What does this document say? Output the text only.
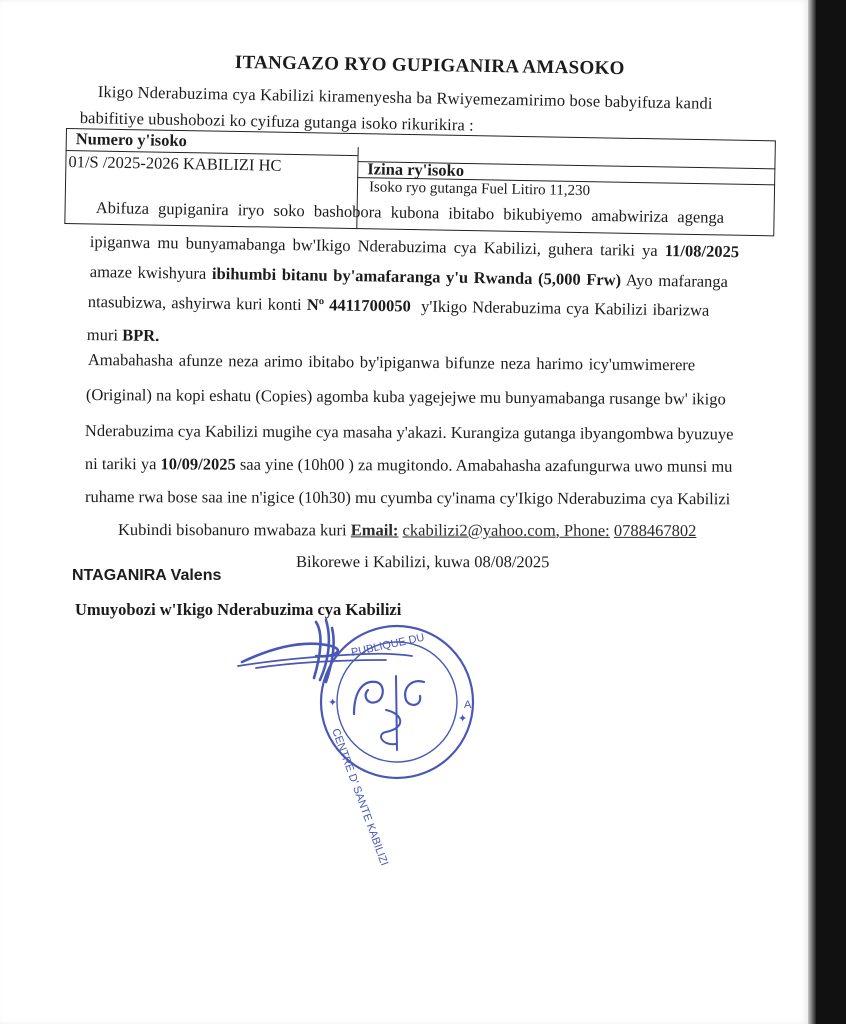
ITANGAZO RYO GUPIGANIRA AMASOKO
Ikigo Nderabuzima cya Kabilizi kiramenyesha ba Rwiyemezamirimo bose babyifuza kandi
babifitiye ubushobozi ko cyifuza gutanga isoko rikurikira :
Numero y'isoko
Izina ry'isoko
01/S /2025-2026 KABILIZI HC
Isoko ryo gutanga Fuel Litiro 11,230
Abifuza gupiganira iryo soko bashobora kubona ibitabo bikubiyemo amabwiriza agenga
ipiganwa mu bunyamabanga bw'Ikigo Nderabuzima cya Kabilizi, guhera tariki ya 11/08/2025
amaze kwishyura ibihumbi bitanu by'amafaranga y'u Rwanda (5,000 Frw) Ayo mafaranga
ntasubizwa, ashyirwa kuri konti Nº 4411700050  y'Ikigo Nderabuzima cya Kabilizi ibarizwa
muri BPR.
Amabahasha afunze neza arimo ibitabo by'ipiganwa bifunze neza harimo icy'umwimerere
(Original) na kopi eshatu (Copies) agomba kuba yagejejwe mu bunyamabanga rusange bw' ikigo
Nderabuzima cya Kabilizi mugihe cya masaha y'akazi. Kurangiza gutanga ibyangombwa byuzuye
ni tariki ya 10/09/2025 saa yine (10h00 ) za mugitondo. Amabahasha azafungurwa uwo munsi mu
ruhame rwa bose saa ine n'igice (10h30) mu cyumba cy'inama cy'Ikigo Nderabuzima cya Kabilizi
Kubindi bisobanuro mwabaza kuri Email: ckabilizi2@yahoo.com, Phone: 0788467802
Bikorewe i Kabilizi, kuwa 08/08/2025
NTAGANIRA Valens
Umuyobozi w'Ikigo Nderabuzima cya Kabilizi
PUBLIQUE DU
CENTRE D' SANTE KABILIZI
A
✦
✦
